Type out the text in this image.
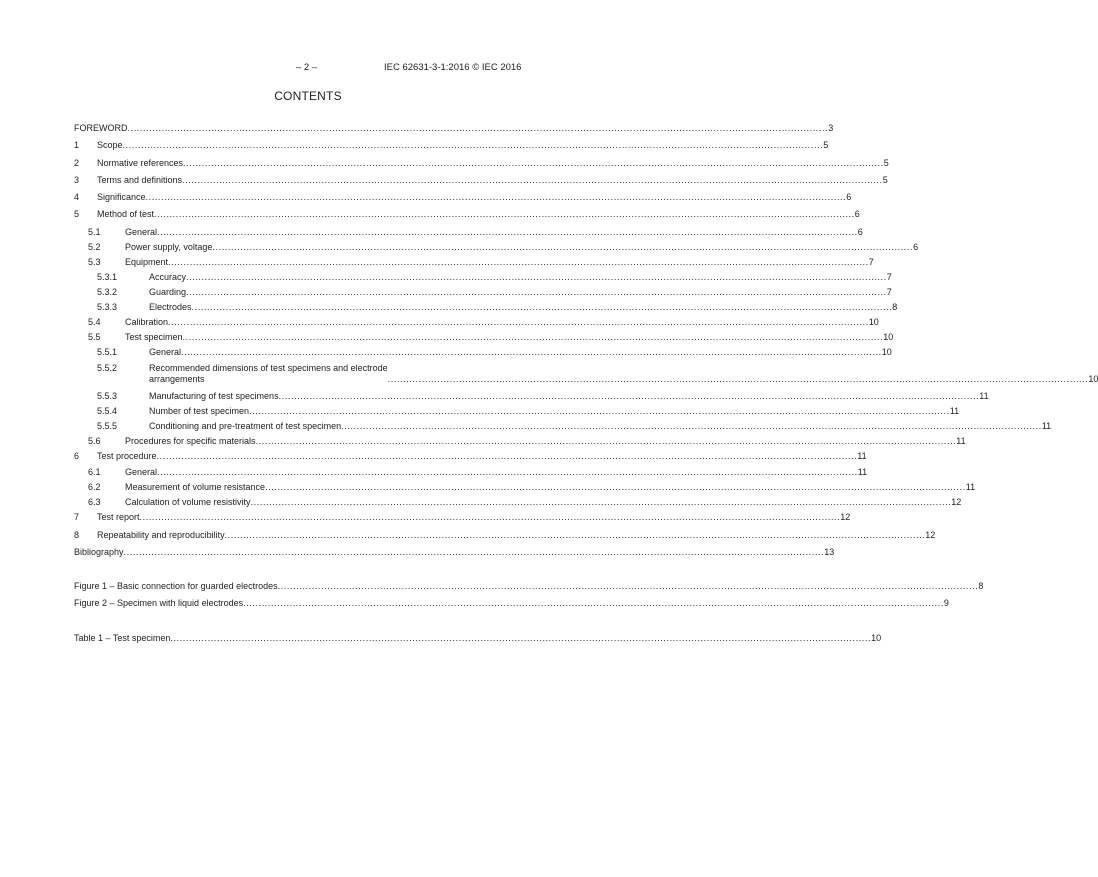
– 2 –	IEC 62631-3-1:2016 © IEC 2016
CONTENTS
FOREWORD .....	3
1 Scope .....	5
2 Normative references .....	5
3 Terms and definitions .....	5
4 Significance .....	6
5 Method of test .....	6
5.1	General .....	6
5.2	Power supply, voltage .....	6
5.3	Equipment .....	7
5.3.1	Accuracy .....	7
5.3.2	Guarding .....	7
5.3.3	Electrodes .....	8
5.4	Calibration .....	10
5.5	Test specimen .....	10
5.5.1	General .....	10
5.5.2	Recommended dimensions of test specimens and electrode
arrangements .....	10
5.5.3	Manufacturing of test specimens .....	11
5.5.4	Number of test specimen .....	11
5.5.5	Conditioning and pre-treatment of test specimen .....	11
5.6	Procedures for specific materials .....	11
6 Test procedure .....	11
6.1	General .....	11
6.2	Measurement of volume resistance .....	11
6.3	Calculation of volume resistivity .....	12
7 Test report .....	12
8 Repeatability and reproducibility .....	12
Bibliography .....	13
Figure 1 – Basic connection for guarded electrodes .....	8
Figure 2 – Specimen with liquid electrodes .....	9
Table 1 – Test specimen .....	10
